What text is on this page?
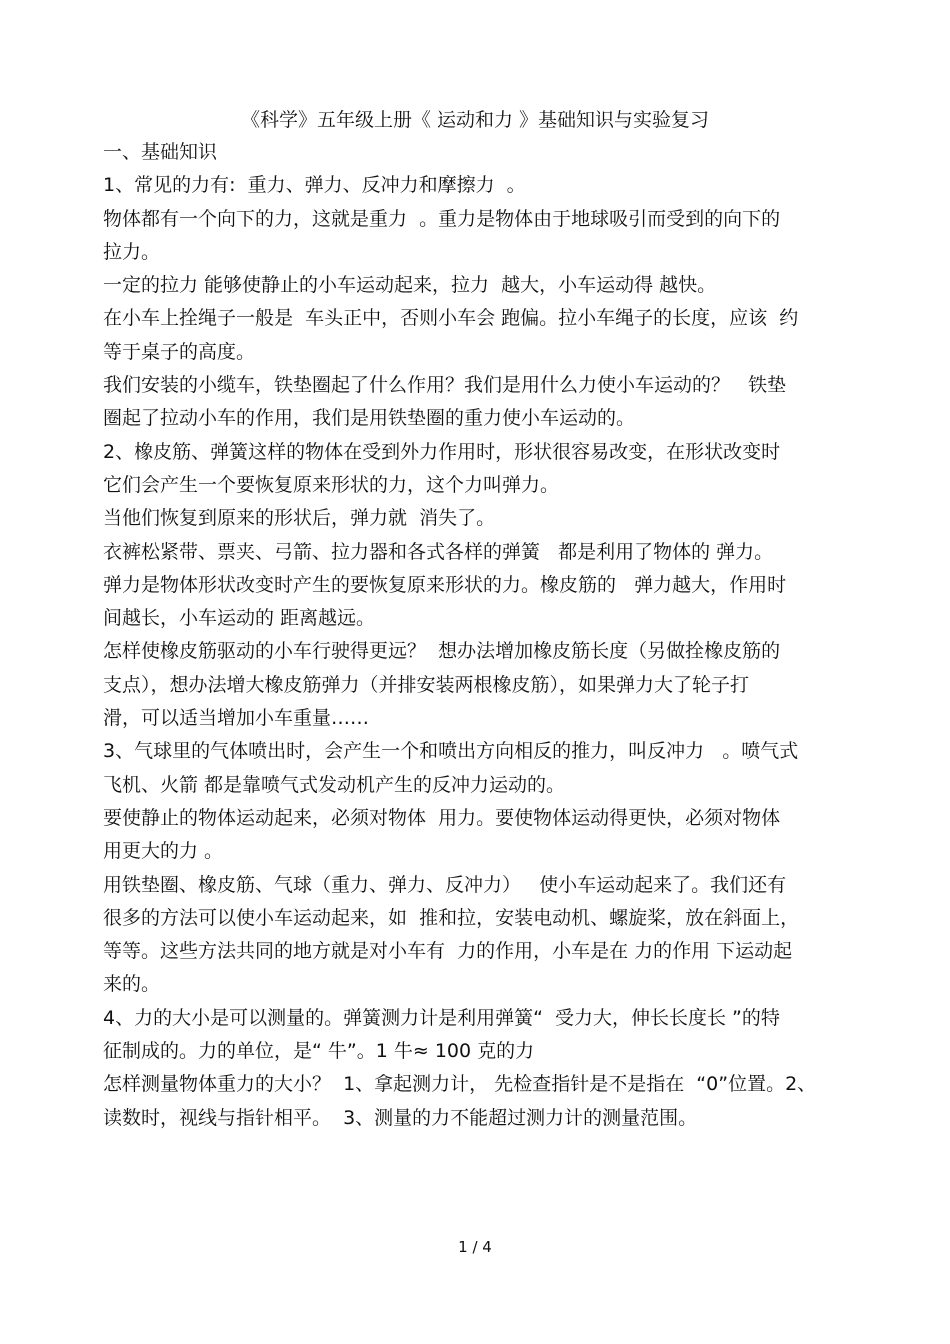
《科学》五年级上册《 运动和力 》基础知识与实验复习
一、基础知识
1、常见的力有:  重力、弹力、反冲力和摩擦力  。
物体都有一个向下的力，这就是重力  。重力是物体由于地球吸引而受到的向下的
拉力。
一定的拉力 能够使静止的小车运动起来，拉力  越大，小车运动得 越快。
在小车上拴绳子一般是  车头正中，否则小车会 跑偏。拉小车绳子的长度，应该  约
等于桌子的高度。
我们安装的小缆车，铁垫圈起了什么作用？我们是用什么力使小车运动的？   铁垫
圈起了拉动小车的作用，我们是用铁垫圈的重力使小车运动的。
2、橡皮筋、弹簧这样的物体在受到外力作用时，形状很容易改变，在形状改变时
它们会产生一个要恢复原来形状的力，这个力叫弹力。
当他们恢复到原来的形状后，弹力就  消失了。
衣裤松紧带、票夹、弓箭、拉力器和各式各样的弹簧   都是利用了物体的 弹力。
弹力是物体形状改变时产生的要恢复原来形状的力。橡皮筋的   弹力越大，作用时
间越长，小车运动的 距离越远。
怎样使橡皮筋驱动的小车行驶得更远？  想办法增加橡皮筋长度（另做拴橡皮筋的
支点），想办法增大橡皮筋弹力（并排安装两根橡皮筋），如果弹力大了轮子打
滑，可以适当增加小车重量……
3、气球里的气体喷出时，会产生一个和喷出方向相反的推力，叫反冲力   。喷气式
飞机、火箭 都是靠喷气式发动机产生的反冲力运动的。
要使静止的物体运动起来，必须对物体  用力。要使物体运动得更快，必须对物体
用更大的力 。
用铁垫圈、橡皮筋、气球（重力、弹力、反冲力）   使小车运动起来了。我们还有
很多的方法可以使小车运动起来，如  推和拉，安装电动机、螺旋桨，放在斜面上，
等等。这些方法共同的地方就是对小车有  力的作用，小车是在 力的作用 下运动起
来的。
4、力的大小是可以测量的。弹簧测力计是利用弹簧“  受力大，伸长长度长 ”的特
征制成的。力的单位，是“ 牛”。1 牛≈ 100 克的力
怎样测量物体重力的大小？  1、拿起测力计， 先检查指针是不是指在  “0”位置。2、
读数时，视线与指针相平。  3、测量的力不能超过测力计的测量范围。
1 / 4
